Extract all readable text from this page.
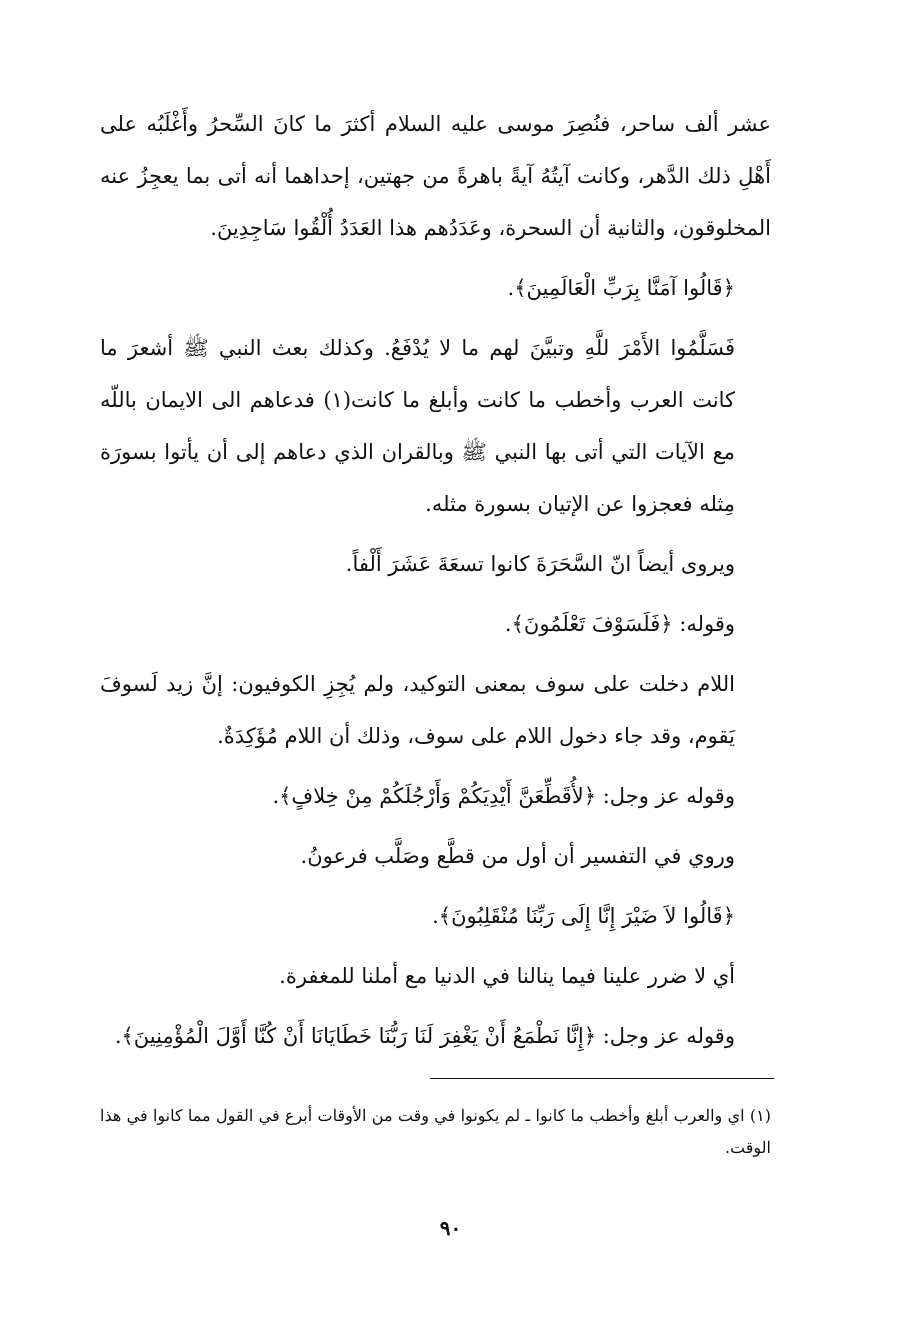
عشر ألف ساحر، فنُصِرَ موسى عليه السلام أكثرَ ما كانَ السِّحرُ وأَغْلَبُه على أَهْلِ ذلك الدَّهر، وكانت آيتُهُ آيةً باهرةً من جهتين، إحداهما أنه أتى بما يعجِزُ عنه المخلوقون، والثانية أن السحرة، وعَدَدُهم هذا العَدَدُ أُلْقُوا سَاجِدِينَ.

﴿قَالُوا آمَنَّا بِرَبِّ الْعَالَمِينَ﴾.

فَسَلَّمُوا الأَمْرَ للَّهِ وتبيَّنَ لهم ما لا يُدْفَعُ. وكذلك بعث النبي ﷺ أشعرَ ما كانت العرب وأخطب ما كانت وأبلغ ما كانت(١) فدعاهم الى الايمان باللّه مع الآيات التي أتى بها النبي ﷺ وبالقران الذي دعاهم إلى أن يأتوا بسورَة مِثله فعجزوا عن الإتيان بسورة مثله.

ويروى أيضاً انّ السَّحَرَةَ كانوا تسعَةَ عَشَرَ أَلْفاً.

وقوله: ﴿فَلَسَوْفَ تَعْلَمُونَ﴾.

اللام دخلت على سوف بمعنى التوكيد، ولم يُجِزِ الكوفيون: إنَّ زيد لَسوفَ يَقوم، وقد جاء دخول اللام على سوف، وذلك أن اللام مُؤَكِدَةٌ.

وقوله عز وجل: ﴿لأُقَطِّعَنَّ أَيْدِيَكُمْ وَأَرْجُلَكُمْ مِنْ خِلافٍ﴾.

وروي في التفسير أن أول من قطَّع وصَلَّب فرعونُ.

﴿قَالُوا لاَ ضَيْرَ إِنَّا إِلَى رَبِّنَا مُنْقَلِبُونَ﴾.

أي لا ضرر علينا فيما ينالنا في الدنيا مع أملنا للمغفرة.

وقوله عز وجل: ﴿إِنَّا نَطْمَعُ أَنْ يَغْفِرَ لَنَا رَبُّنَا خَطَايَانَا أَنْ كُنَّا أَوَّلَ الْمُؤْمِنِينَ﴾.

(١) اي والعرب أبلغ وأخطب ما كانوا ـ لم يكونوا في وقت من الأوقات أبرع في القول مما كانوا في هذا الوقت.

٩٠
